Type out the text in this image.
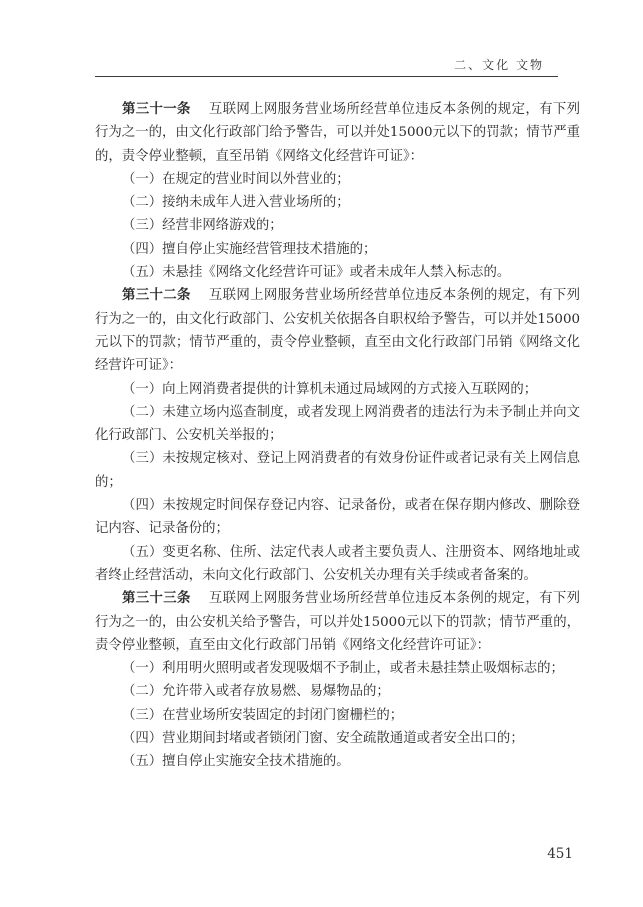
二、文化 文物

第三十一条 互联网上网服务营业场所经营单位违反本条例的规定，有下列行为之一的，由文化行政部门给予警告，可以并处15000元以下的罚款；情节严重的，责令停业整顿，直至吊销《网络文化经营许可证》：

（一）在规定的营业时间以外营业的；

（二）接纳未成年人进入营业场所的；

（三）经营非网络游戏的；

（四）擅自停止实施经营管理技术措施的；

（五）未悬挂《网络文化经营许可证》或者未成年人禁入标志的。

第三十二条 互联网上网服务营业场所经营单位违反本条例的规定，有下列行为之一的，由文化行政部门、公安机关依据各自职权给予警告，可以并处15000元以下的罚款；情节严重的，责令停业整顿，直至由文化行政部门吊销《网络文化经营许可证》：

（一）向上网消费者提供的计算机未通过局域网的方式接入互联网的；

（二）未建立场内巡查制度，或者发现上网消费者的违法行为未予制止并向文化行政部门、公安机关举报的；

（三）未按规定核对、登记上网消费者的有效身份证件或者记录有关上网信息的；

（四）未按规定时间保存登记内容、记录备份，或者在保存期内修改、删除登记内容、记录备份的；

（五）变更名称、住所、法定代表人或者主要负责人、注册资本、网络地址或者终止经营活动，未向文化行政部门、公安机关办理有关手续或者备案的。

第三十三条 互联网上网服务营业场所经营单位违反本条例的规定，有下列行为之一的，由公安机关给予警告，可以并处15000元以下的罚款；情节严重的，责令停业整顿，直至由文化行政部门吊销《网络文化经营许可证》：

（一）利用明火照明或者发现吸烟不予制止，或者未悬挂禁止吸烟标志的；

（二）允许带入或者存放易燃、易爆物品的；

（三）在营业场所安装固定的封闭门窗栅栏的；

（四）营业期间封堵或者锁闭门窗、安全疏散通道或者安全出口的；

（五）擅自停止实施安全技术措施的。

451
